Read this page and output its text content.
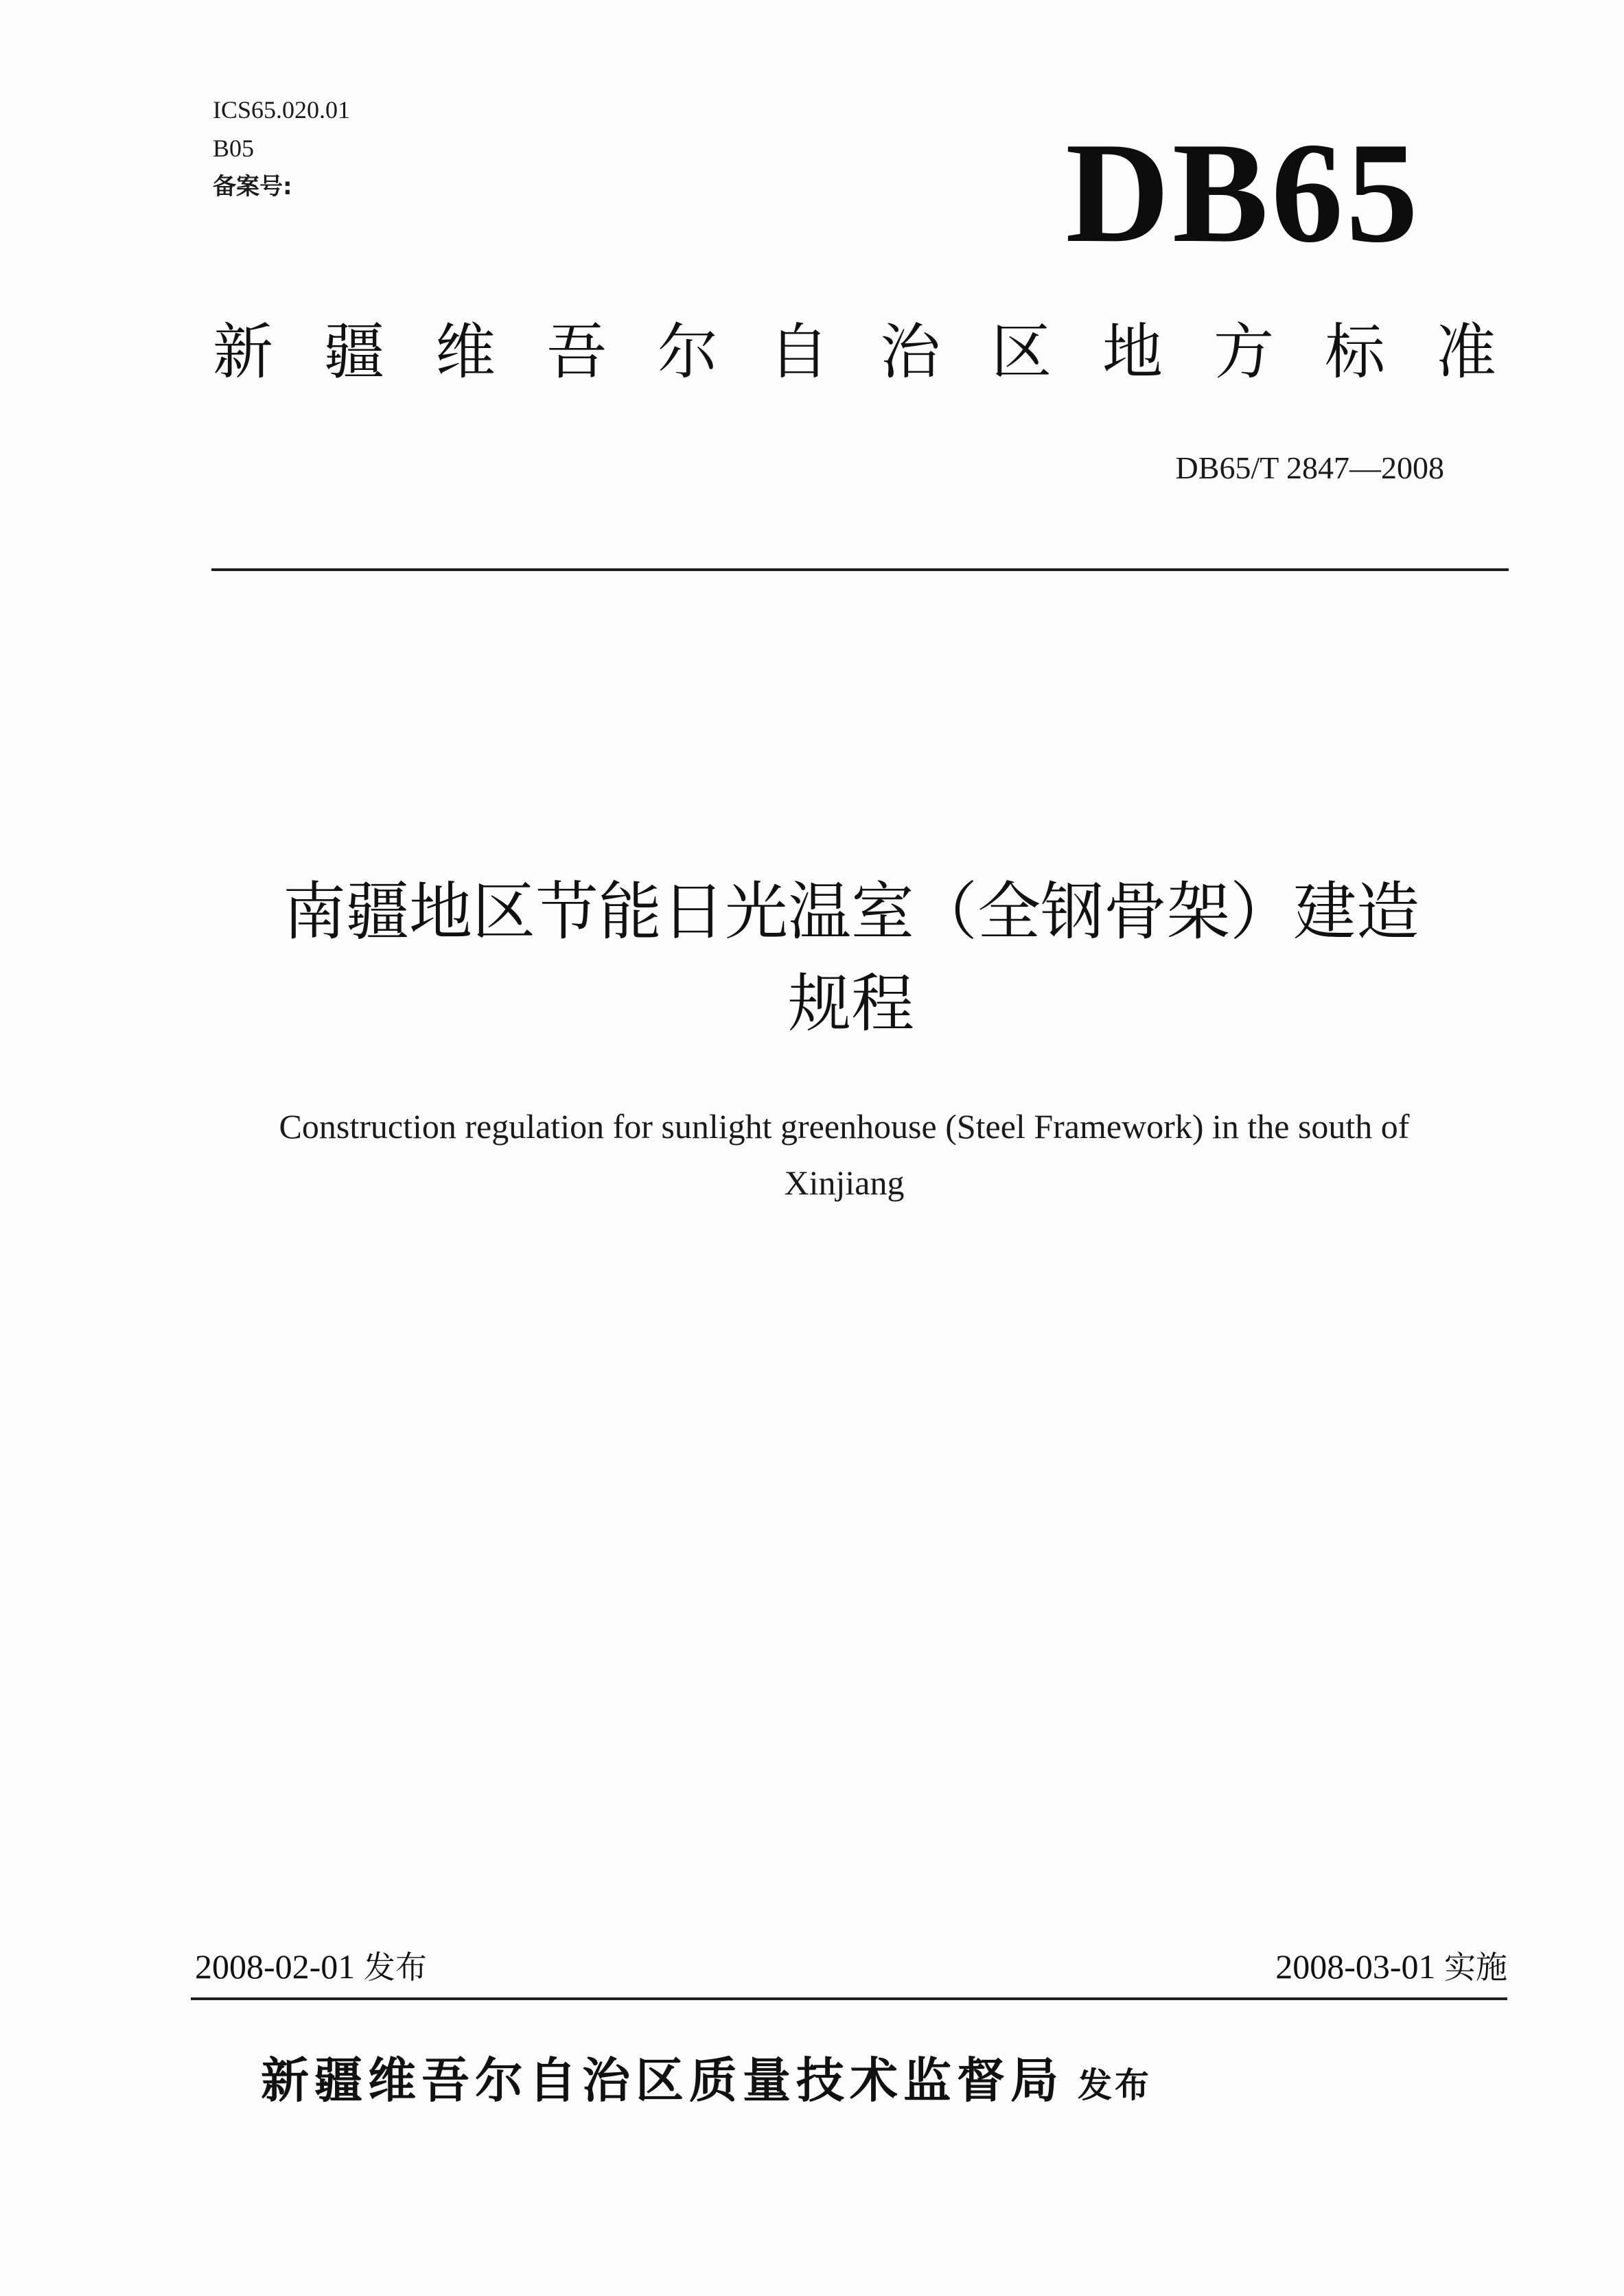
ICS65.020.01
B05
备案号:	DB65
新疆维吾尔自治区地方标准
DB65/T 2847—2008
南疆地区节能日光温室（全钢骨架）建造
规程
Construction regulation for sunlight greenhouse (Steel Framework) in the south of
Xinjiang
2008-02-01 发布	2008-03-01 实施
新疆维吾尔自治区质量技术监督局 发布
